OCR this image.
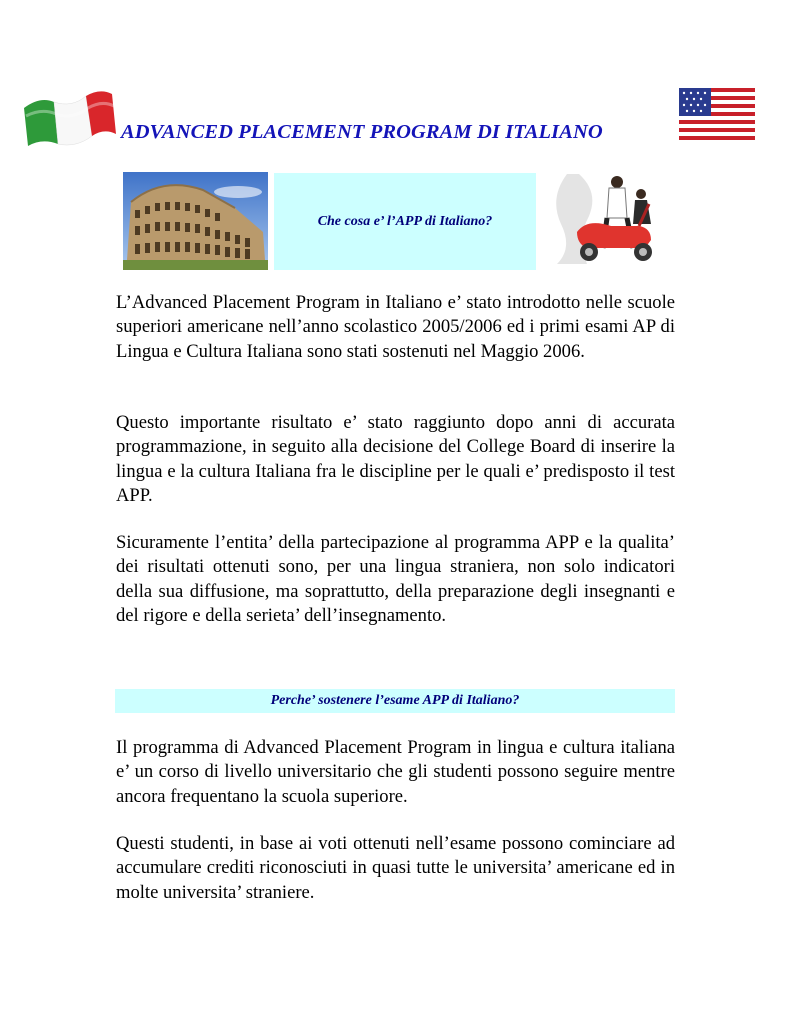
ADVANCED PLACEMENT PROGRAM DI ITALIANO
Che cosa e’ l’APP di Italiano?

L’Advanced Placement Program in Italiano e’ stato introdotto nelle scuole superiori americane nell’anno scolastico 2005/2006 ed i primi esami AP di Lingua e Cultura Italiana sono stati sostenuti nel Maggio 2006.

Questo importante risultato e’ stato raggiunto dopo anni di accurata programmazione, in seguito alla decisione del College Board di inserire la lingua e la cultura Italiana fra le discipline per le quali e’ predisposto il test APP.

Sicuramente l’entita’ della partecipazione al programma APP e la qualita’ dei risultati ottenuti sono, per una lingua straniera, non solo indicatori della sua diffusione, ma soprattutto, della preparazione degli insegnanti e del rigore e della serieta’ dell’insegnamento.

Perche’ sostenere l’esame APP di Italiano?

Il programma di Advanced Placement Program in lingua e cultura italiana e’ un corso di livello universitario che gli studenti possono seguire mentre ancora frequentano la scuola superiore.

Questi studenti, in base ai voti ottenuti nell’esame possono cominciare ad accumulare crediti riconosciuti in quasi tutte le universita’ americane ed in molte universita’ straniere.
